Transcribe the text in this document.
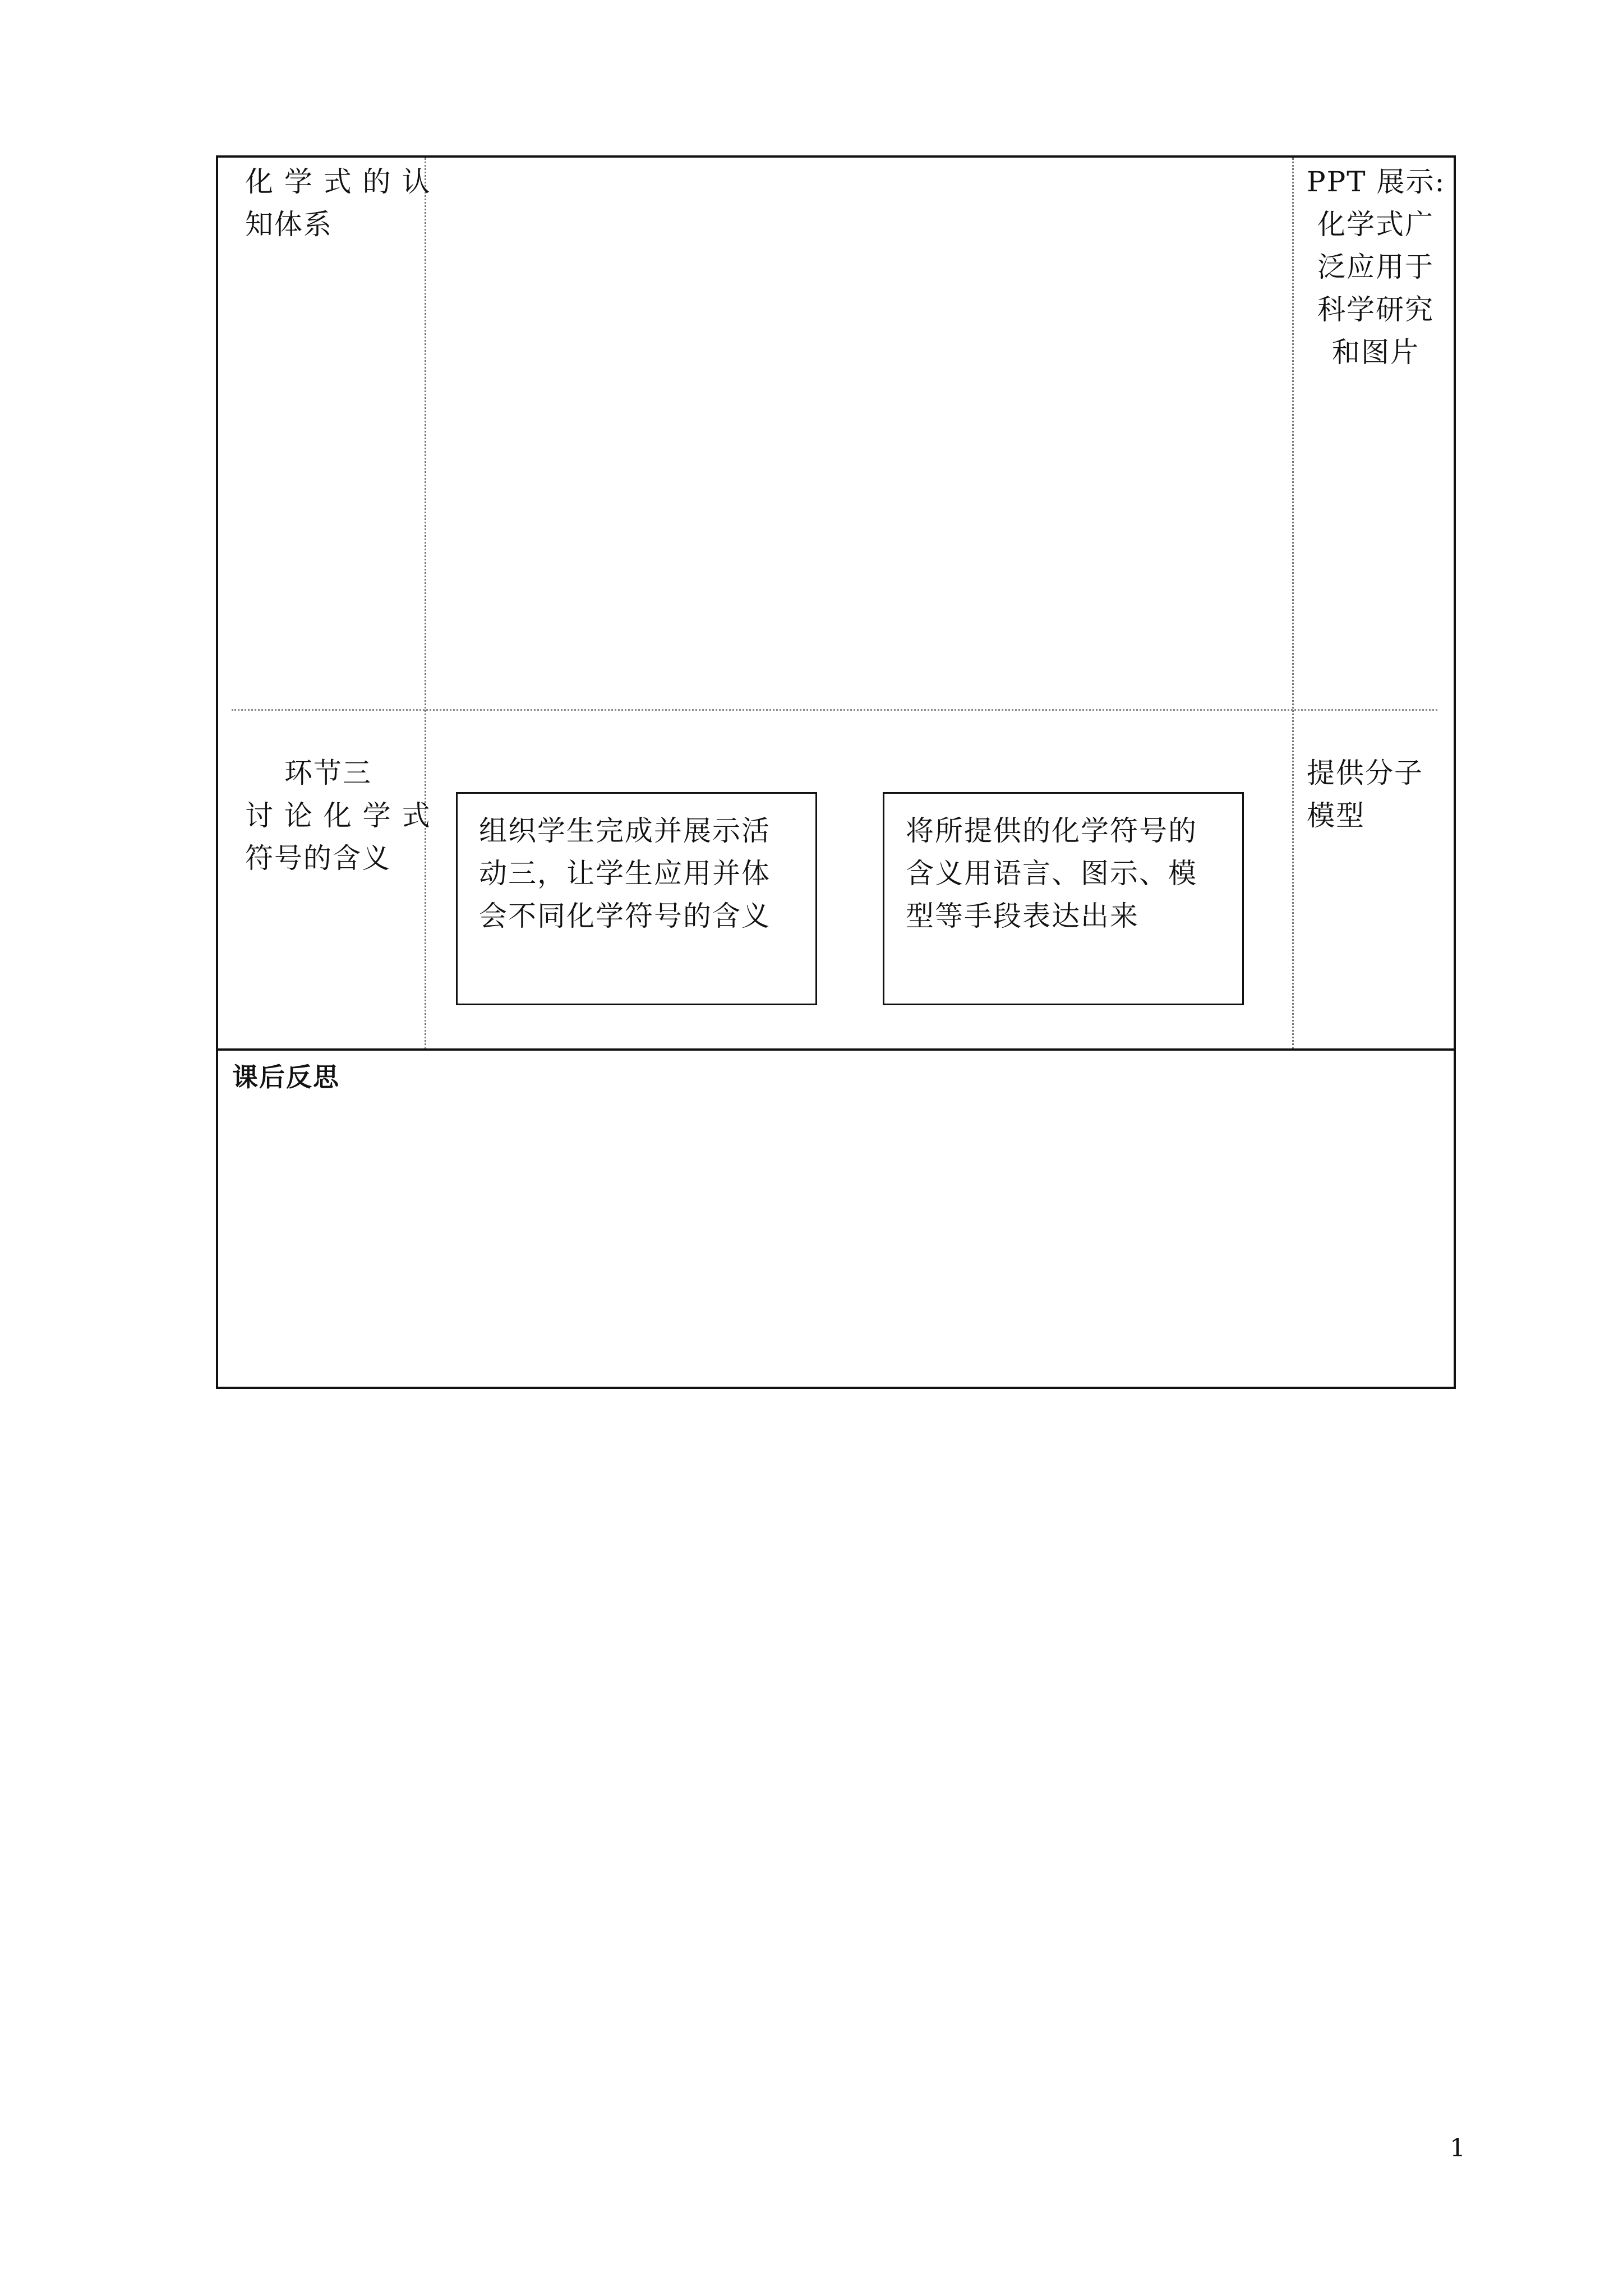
化 学 式 的 认
知体系
PPT 展示:
化学式广
泛应用于
科学研究
和图片
环节三
讨 论 化 学 式
符号的含义
组织学生完成并展示活动三，让学生应用并体会不同化学符号的含义
将所提供的化学符号的含义用语言、图示、模型等手段表达出来
提供分子
模型
课后反思
1
